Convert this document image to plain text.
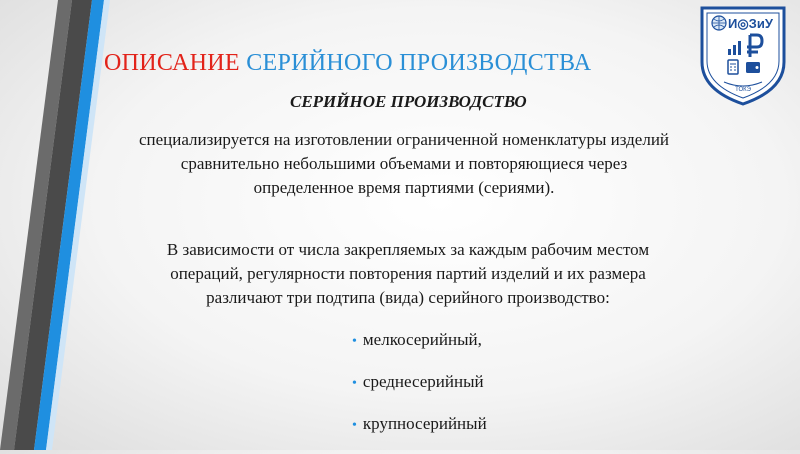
ОПИСАНИЕ СЕРИЙНОГО ПРОИЗВОДСТВА
СЕРИЙНОЕ ПРОИЗВОДСТВО

специализируется на изготовлении ограниченной номенклатуры изделий
сравнительно небольшими объемами и повторяющиеся через
определенное время партиями (сериями).

В зависимости от числа закрепляемых за каждым рабочим местом
операций, регулярности повторения партий изделий и их размера
различают три подтипа (вида) серийного производство:

• мелкосерийный,
• среднесерийный
• крупносерийный
И◎ЗиУ
ТОКЭ
